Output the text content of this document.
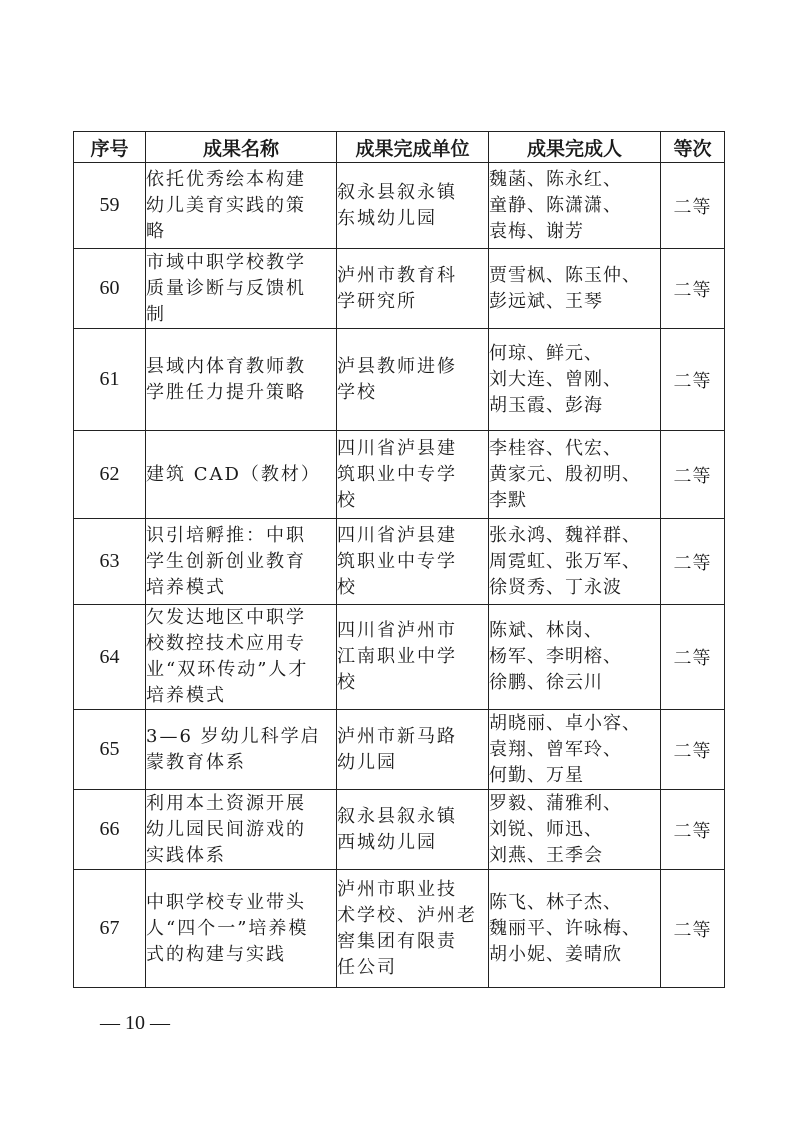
序号	成果名称	成果完成单位	成果完成人	等次

59	依托优秀绘本构建
幼儿美育实践的策
略	叙永县叙永镇
东城幼儿园	魏菡、陈永红、
童静、陈潇潇、
袁梅、谢芳	二等

60	市域中职学校教学
质量诊断与反馈机
制	泸州市教育科
学研究所	贾雪枫、陈玉仲、
彭远斌、王琴	二等

61	县域内体育教师教
学胜任力提升策略	泸县教师进修
学校	何琼、鲜元、
刘大连、曾刚、
胡玉霞、彭海	二等

62	建筑 CAD（教材）	四川省泸县建
筑职业中专学
校	李桂容、代宏、
黄家元、殷初明、
李默	二等

63	识引培孵推：中职
学生创新创业教育
培养模式	四川省泸县建
筑职业中专学
校	张永鸿、魏祥群、
周霓虹、张万军、
徐贤秀、丁永波	二等

64	欠发达地区中职学
校数控技术应用专
业“双环传动”人才
培养模式	四川省泸州市
江南职业中学
校	陈斌、林岗、
杨军、李明榕、
徐鹏、徐云川	二等

65	3—6 岁幼儿科学启
蒙教育体系	泸州市新马路
幼儿园	胡晓丽、卓小容、
袁翔、曾军玲、
何勤、万星	二等

66	利用本土资源开展
幼儿园民间游戏的
实践体系	叙永县叙永镇
西城幼儿园	罗毅、蒲雅利、
刘锐、师迅、
刘燕、王季会	二等

67	中职学校专业带头
人“四个一”培养模
式的构建与实践	泸州市职业技
术学校、泸州老
窖集团有限责
任公司	陈飞、林子杰、
魏丽平、许咏梅、
胡小妮、姜晴欣	二等
— 10 —
